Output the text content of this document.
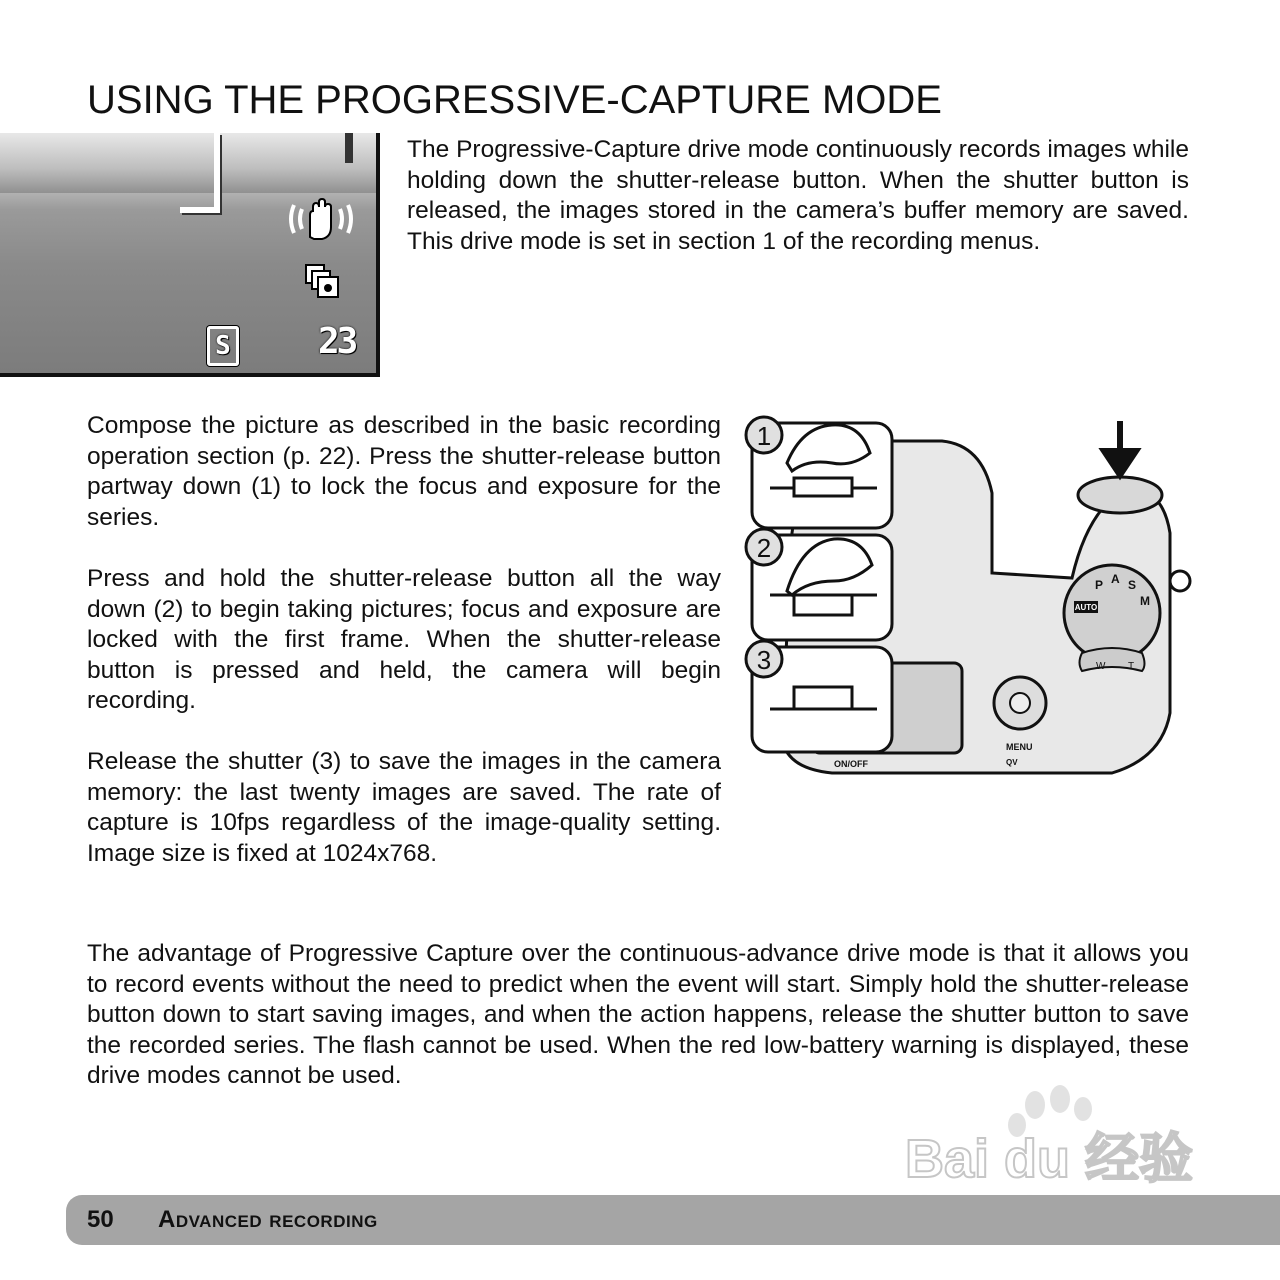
USING THE PROGRESSIVE-CAPTURE MODE
S 23
The Progressive-Capture drive mode continuously records images while holding down the shutter-release button. When the shutter button is released, the images stored in the camera’s buffer memory are saved. This drive mode is set in section 1 of the recording menus.
Compose the picture as described in the basic recording operation section (p. 22). Press the shutter-release button partway down (1) to lock the focus and exposure for the series.
Press and hold the shutter-release button all the way down (2) to begin taking pictures; focus and exposure are locked with the first frame. When the shutter-release button is pressed and held, the camera will begin recording.
Release the shutter (3) to save the images in the camera memory: the last twenty images are saved. The rate of capture is 10fps regardless of the image-quality setting. Image size is fixed at 1024x768.
The advantage of Progressive Capture over the continuous-advance drive mode is that it allows you to record events without the need to predict when the event will start. Simply hold the shutter-release button down to start saving images, and when the action happens, release the shutter button to save the recorded series. The flash cannot be used. When the red low-battery warning is displayed, these drive modes cannot be used.
AUTO
P A S
M
W T
MENU
QV
ON/OFF
1
2
3
Bai du 经验
50 Advanced recording
